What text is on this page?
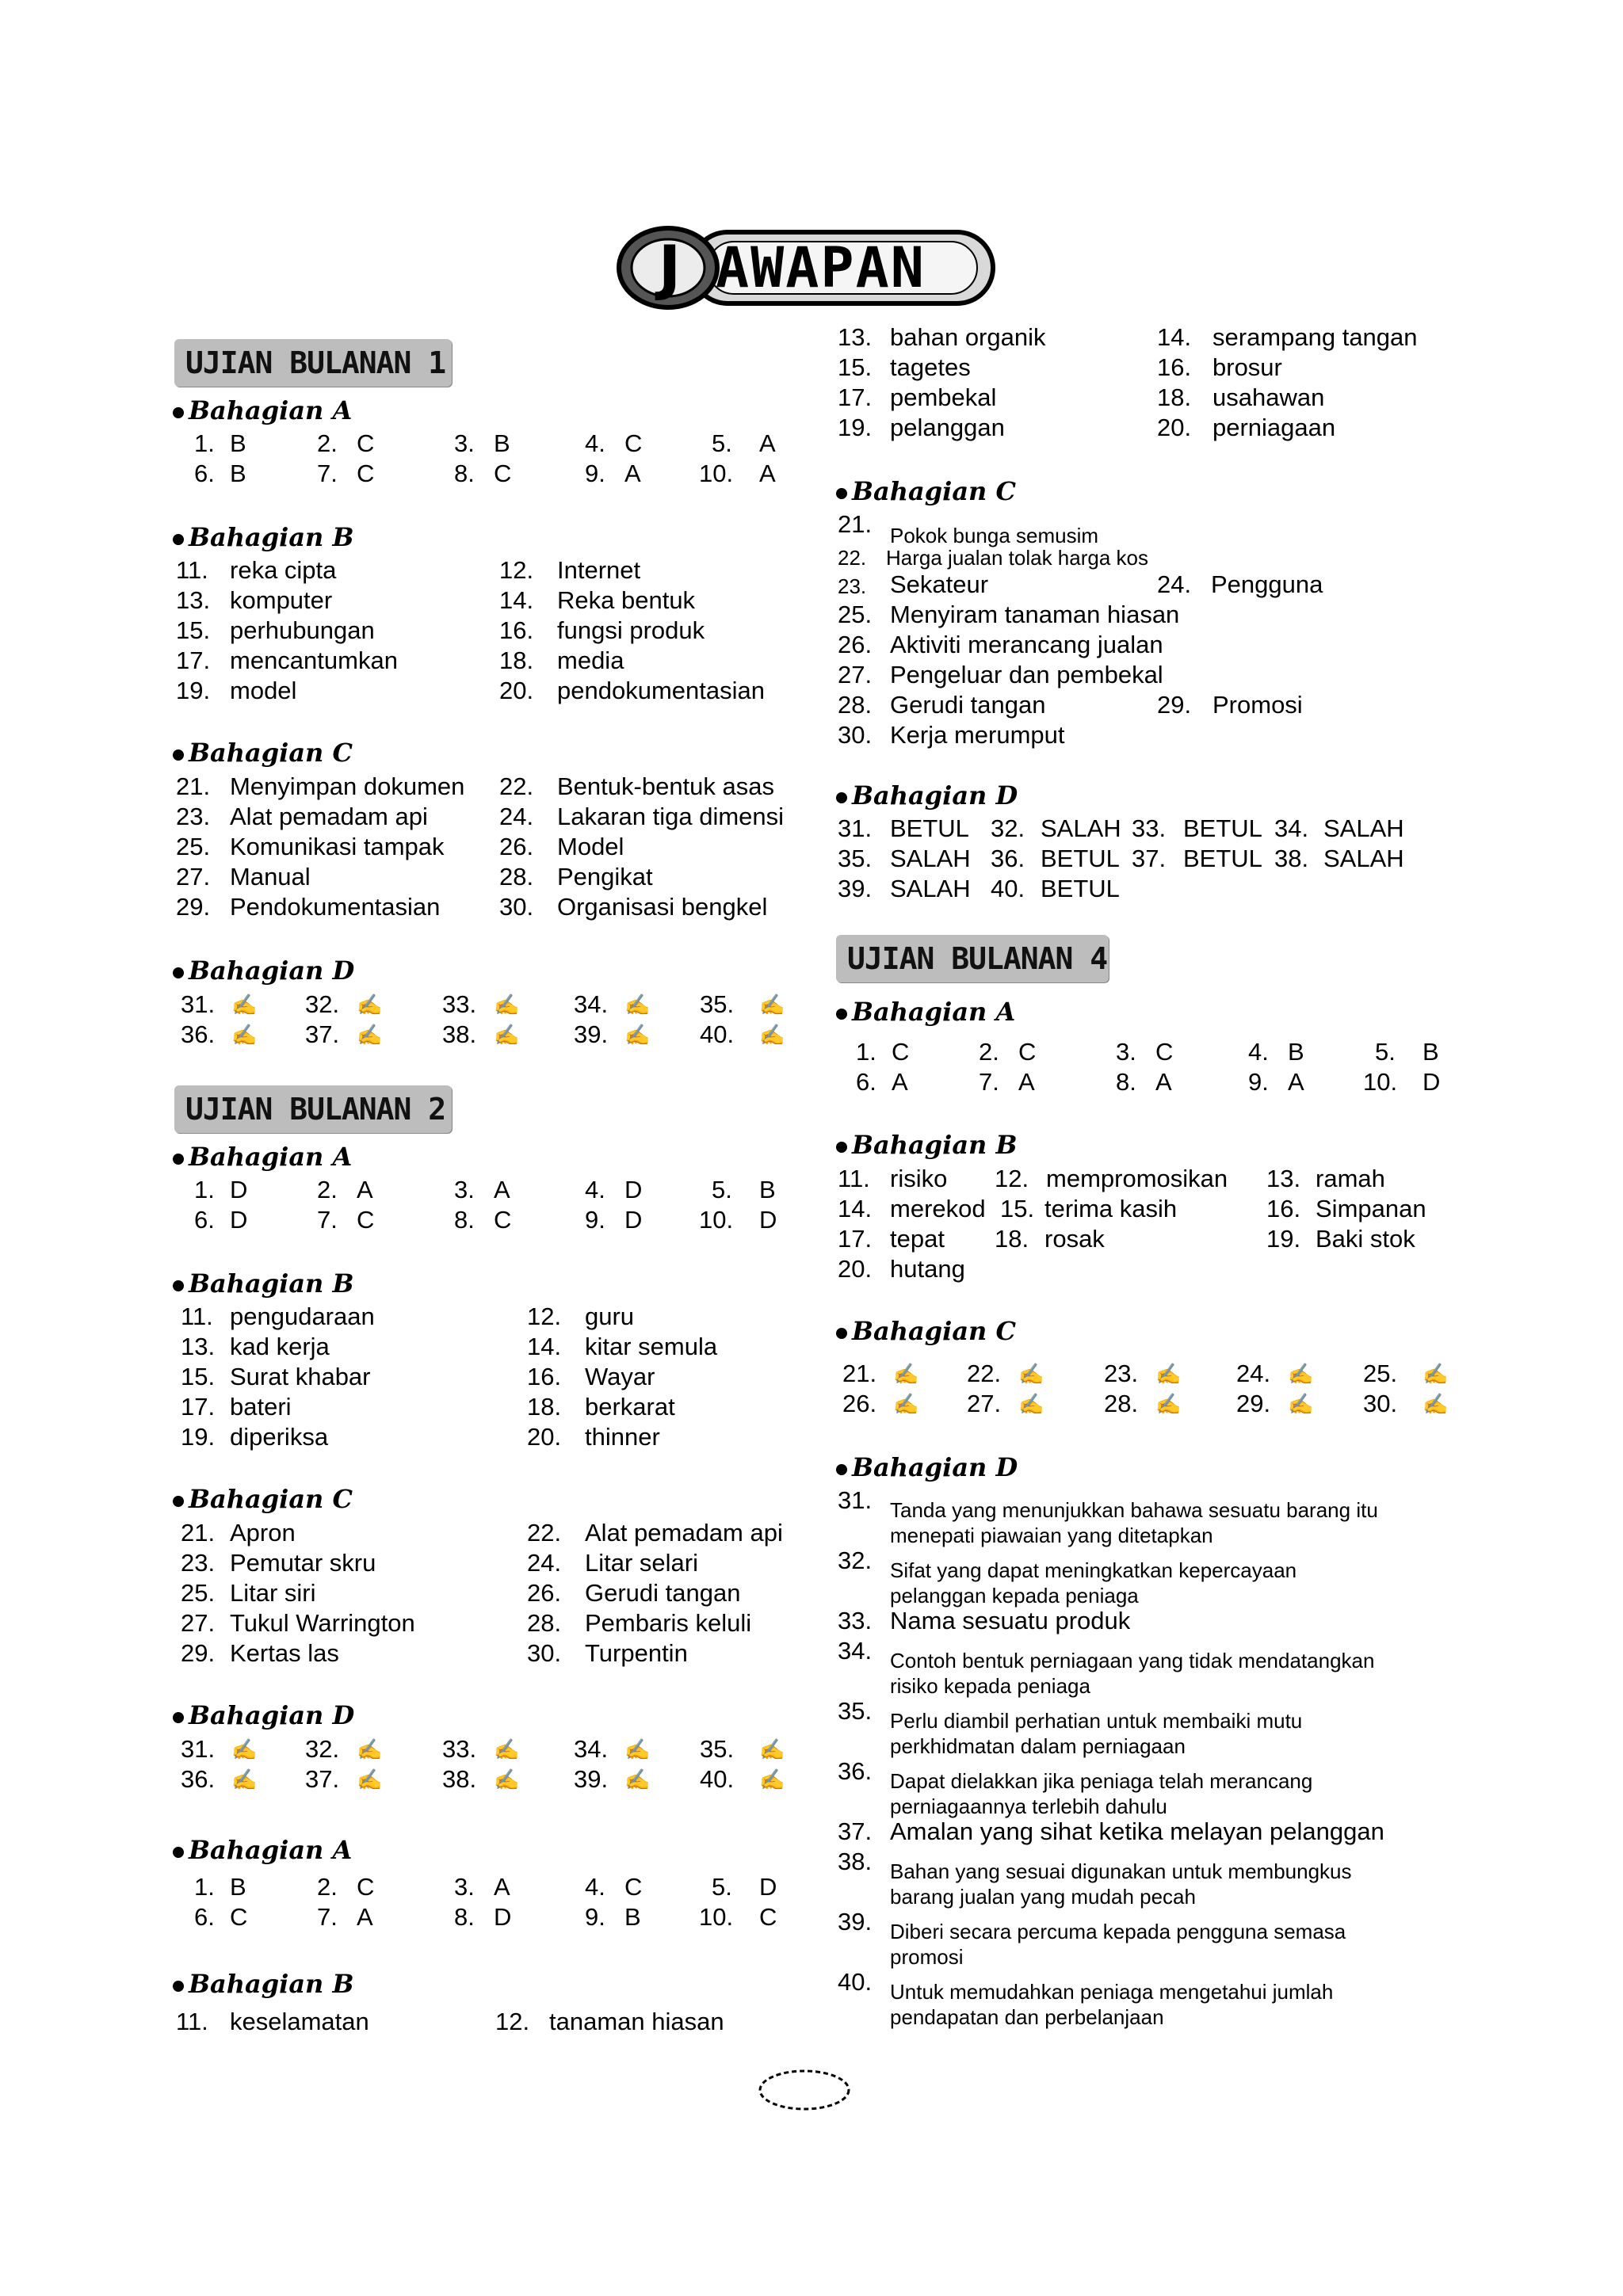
J AWAPAN
UJIAN BULANAN 1
Bahagian A
1. B	2. C	3. B	4. C	5. A
6. B	7. C	8. C	9. A 10. A
Bahagian B
11. reka cipta	12. Internet
13. komputer	14. Reka bentuk
15. perhubungan	16. fungsi produk
17. mencantumkan	18. media
19. model	20. pendokumentasian
Bahagian C
21. Menyimpan dokumen 22. Bentuk-bentuk asas
23. Alat pemadam api	24. Lakaran tiga dimensi
25. Komunikasi tampak 26. Model
27. Manual	28. Pengikat
29. Pendokumentasian 30. Organisasi bengkel
Bahagian D
31. ✍ 32. ✍ 33. ✍ 34. ✍ 35. ✍
36. ✍ 37. ✍ 38. ✍ 39. ✍ 40. ✍
UJIAN BULANAN 2
Bahagian A
1. D	2. A	3. A	4. D	5. B
6. D	7. C	8. C	9. D 10. D
Bahagian B
11. pengudaraan	12. guru
13. kad kerja	14. kitar semula
15. Surat khabar	16. Wayar
17. bateri	18. berkarat
19. diperiksa	20. thinner
Bahagian C
21. Apron	22. Alat pemadam api
23. Pemutar skru	24. Litar selari
25. Litar siri	26. Gerudi tangan
27. Tukul Warrington	28. Pembaris keluli
29. Kertas las	30. Turpentin
Bahagian D
31. ✍ 32. ✍ 33. ✍ 34. ✍ 35. ✍
36. ✍ 37. ✍ 38. ✍ 39. ✍ 40. ✍
Bahagian A
1. B	2. C	3. A	4. C	5. D
6. C	7. A	8. D	9. B 10. C
Bahagian B
11. keselamatan	12. tanaman hiasan
13. bahan organik	14. serampang tangan
15. tagetes	16. brosur
17. pembekal	18. usahawan
19. pelanggan	20. perniagaan
Bahagian C
21. Pokok bunga semusim
22. Harga jualan tolak harga kos
23. Sekateur	24. Pengguna
25. Menyiram tanaman hiasan
26. Aktiviti merancang jualan
27. Pengeluar dan pembekal
28. Gerudi tangan	29. Promosi
30. Kerja merumput
Bahagian D
31. BETUL 32. SALAH 33. BETUL 34. SALAH
35. SALAH 36. BETUL 37. BETUL 38. SALAH
39. SALAH 40. BETUL
UJIAN BULANAN 4
Bahagian A
1. C	2. C	3. C	4. B	5. B
6. A	7. A	8. A	9. A 10. D
Bahagian B
11. risiko 12. mempromosikan 13. ramah
14. merekod 15. terima kasih	16. Simpanan
17. tepat 18. rosak	19. Baki stok
20. hutang
Bahagian C
21. ✍ 22. ✍ 23. ✍ 24. ✍ 25. ✍
26. ✍ 27. ✍ 28. ✍ 29. ✍ 30. ✍
Bahagian D
31. Tanda yang menunjukkan bahawa sesuatu barang itu
menepati piawaian yang ditetapkan
32. Sifat yang dapat meningkatkan kepercayaan
pelanggan kepada peniaga
33. Nama sesuatu produk
34. Contoh bentuk perniagaan yang tidak mendatangkan
risiko kepada peniaga
35. Perlu diambil perhatian untuk membaiki mutu
perkhidmatan dalam perniagaan
36. Dapat dielakkan jika peniaga telah merancang
perniagaannya terlebih dahulu
37. Amalan yang sihat ketika melayan pelanggan
38. Bahan yang sesuai digunakan untuk membungkus
barang jualan yang mudah pecah
39. Diberi secara percuma kepada pengguna semasa
promosi
40. Untuk memudahkan peniaga mengetahui jumlah
pendapatan dan perbelanjaan
